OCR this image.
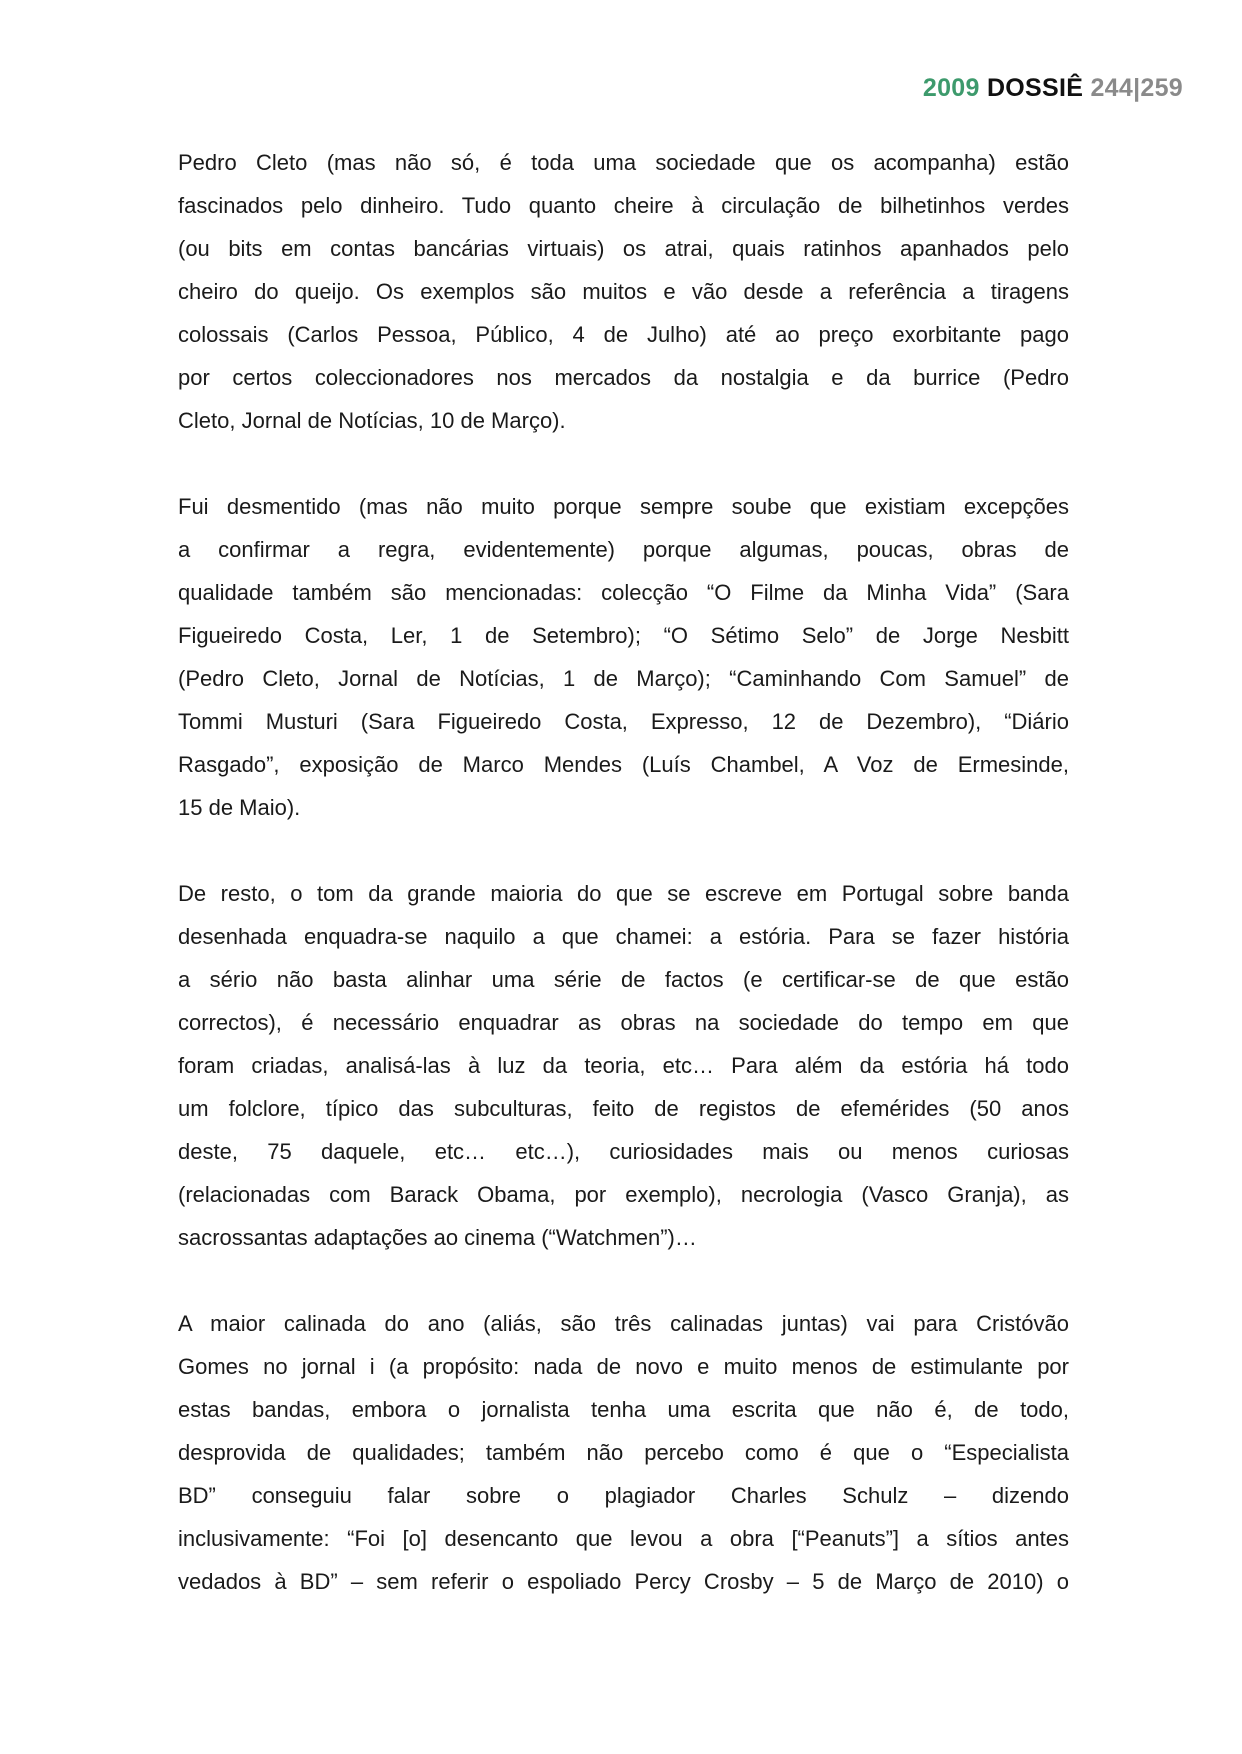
2009 DOSSIÊ 244|259
Pedro Cleto (mas não só, é toda uma sociedade que os acompanha) estão
fascinados pelo dinheiro. Tudo quanto cheire à circulação de bilhetinhos verdes
(ou bits em contas bancárias virtuais) os atrai, quais ratinhos apanhados pelo
cheiro do queijo. Os exemplos são muitos e vão desde a referência a tiragens
colossais (Carlos Pessoa, Público, 4 de Julho) até ao preço exorbitante pago
por certos coleccionadores nos mercados da nostalgia e da burrice (Pedro
Cleto, Jornal de Notícias, 10 de Março).
Fui desmentido (mas não muito porque sempre soube que existiam excepções
a confirmar a regra, evidentemente) porque algumas, poucas, obras de
qualidade também são mencionadas: colecção “O Filme da Minha Vida” (Sara
Figueiredo Costa, Ler, 1 de Setembro); “O Sétimo Selo” de Jorge Nesbitt
(Pedro Cleto, Jornal de Notícias, 1 de Março); “Caminhando Com Samuel” de
Tommi Musturi (Sara Figueiredo Costa, Expresso, 12 de Dezembro), “Diário
Rasgado”, exposição de Marco Mendes (Luís Chambel, A Voz de Ermesinde,
15 de Maio).
De resto, o tom da grande maioria do que se escreve em Portugal sobre banda
desenhada enquadra-se naquilo a que chamei: a estória. Para se fazer história
a sério não basta alinhar uma série de factos (e certificar-se de que estão
correctos), é necessário enquadrar as obras na sociedade do tempo em que
foram criadas, analisá-las à luz da teoria, etc… Para além da estória há todo
um folclore, típico das subculturas, feito de registos de efemérides (50 anos
deste, 75 daquele, etc… etc…), curiosidades mais ou menos curiosas
(relacionadas com Barack Obama, por exemplo), necrologia (Vasco Granja), as
sacrossantas adaptações ao cinema (“Watchmen”)…
A maior calinada do ano (aliás, são três calinadas juntas) vai para Cristóvão
Gomes no jornal i (a propósito: nada de novo e muito menos de estimulante por
estas bandas, embora o jornalista tenha uma escrita que não é, de todo,
desprovida de qualidades; também não percebo como é que o “Especialista
BD” conseguiu falar sobre o plagiador Charles Schulz – dizendo
inclusivamente: “Foi [o] desencanto que levou a obra [“Peanuts”] a sítios antes
vedados à BD” – sem referir o espoliado Percy Crosby – 5 de Março de 2010) o
